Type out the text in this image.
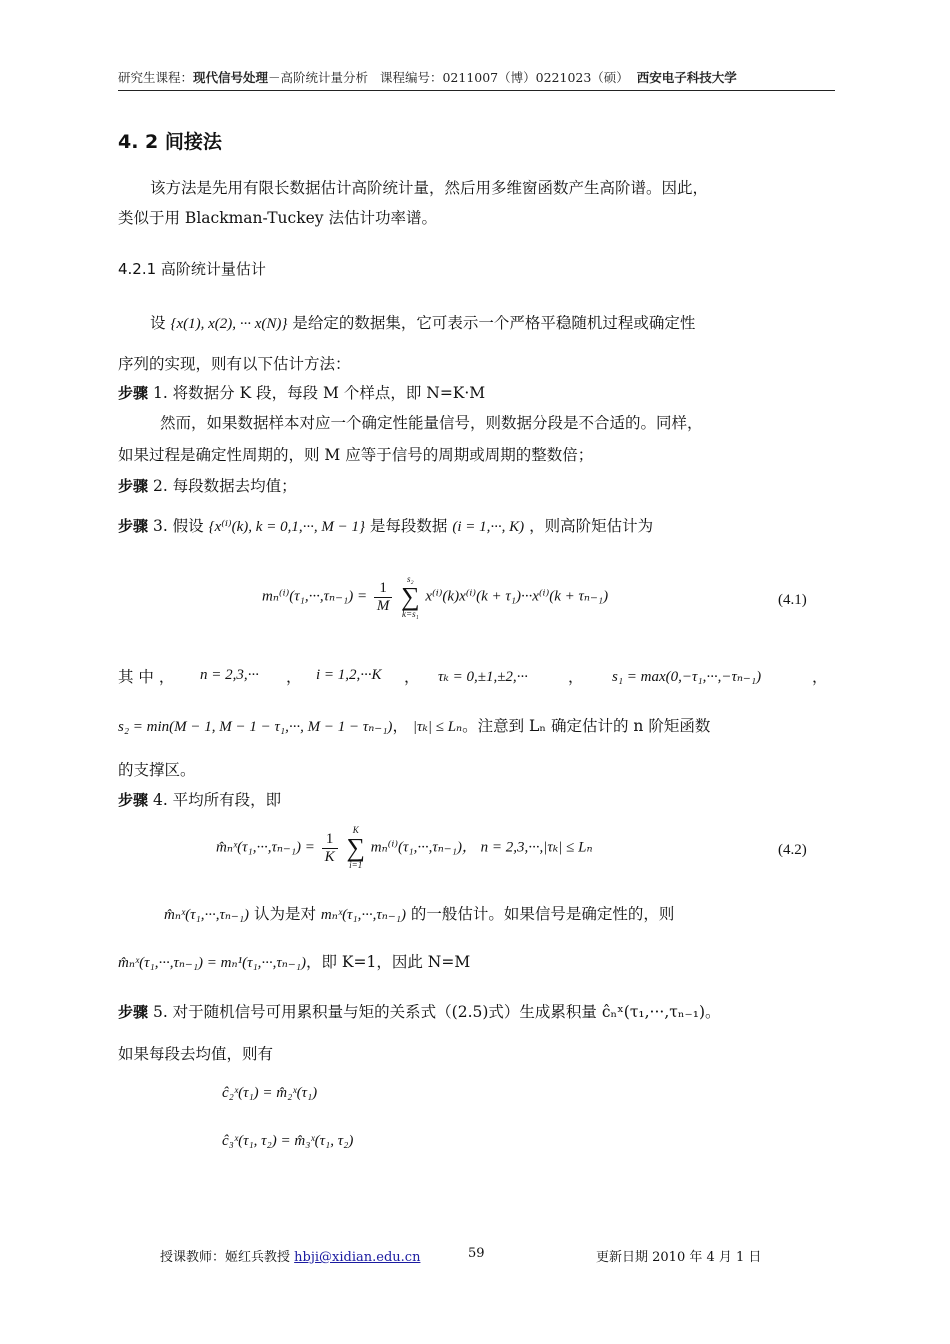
研究生课程：现代信号处理－高阶统计量分析 课程编号：0211007（博）0221023（硕） 西安电子科技大学
4. 2 间接法
该方法是先用有限长数据估计高阶统计量，然后用多维窗函数产生高阶谱。因此，
类似于用 Blackman-Tuckey 法估计功率谱。
4.2.1 高阶统计量估计
设 {x(1), x(2), ··· x(N)} 是给定的数据集，它可表示一个严格平稳随机过程或确定性
序列的实现，则有以下估计方法：
步骤 1. 将数据分 K 段，每段 M 个样点，即 N=K·M
然而，如果数据样本对应一个确定性能量信号，则数据分段是不合适的。同样，
如果过程是确定性周期的，则 M 应等于信号的周期或周期的整数倍；
步骤 2. 每段数据去均值；
步骤 3. 假设 {x⁽ⁱ⁾(k), k = 0,1,···, M − 1} 是每段数据 (i = 1,···, K) ，则高阶矩估计为
$m_n^{(i)}(\tau_1,\cdot\cdot\cdot,\tau_{n-1}) = \frac{1}{M}$

s₂
∑
k=s₁
x⁽ⁱ⁾(k)x⁽ⁱ⁾(k + τ₁)···x⁽ⁱ⁾(k + τₙ₋₁)	(4.1)
其 中 ， n = 2,3,··· ， i = 1,2,···K ， τₖ = 0,±1,±2,···	， s₁ = max(0,−τ₁,···,−τₙ₋₁)	，
s₂ = min(M − 1, M − 1 − τ₁,···, M − 1 − τₙ₋₁)， |τₖ| ≤ Lₙ。注意到 Lₙ 确定估计的 n 阶矩函数
的支撑区。
步骤 4. 平均所有段，即
m̂ₙˣ(τ₁,···,τₙ₋₁) = $\frac{1}{K}$

K
∑
i=1
mₙ⁽ⁱ⁾(τ₁,···,τₙ₋₁)， n = 2,3,···,|τₖ| ≤ Lₙ	(4.2)
m̂ₙˣ(τ₁,···,τₙ₋₁) 认为是对 mₙˣ(τ₁,···,τₙ₋₁) 的一般估计。如果信号是确定性的，则
m̂ₙˣ(τ₁,···,τₙ₋₁) = mₙ¹(τ₁,···,τₙ₋₁)，即 K=1，因此 N=M
步骤 5. 对于随机信号可用累积量与矩的关系式（(2.5)式）生成累积量 ĉₙˣ(τ₁,···,τₙ₋₁)。
如果每段去均值，则有
ĉ₂ˣ(τ₁) = m̂₂ˣ(τ₁)
ĉ₃ˣ(τ₁, τ₂) = m̂₃ˣ(τ₁, τ₂)
授课教师：姬红兵教授 hbji@xidian.edu.cn	59	更新日期 2010 年 4 月 1 日
